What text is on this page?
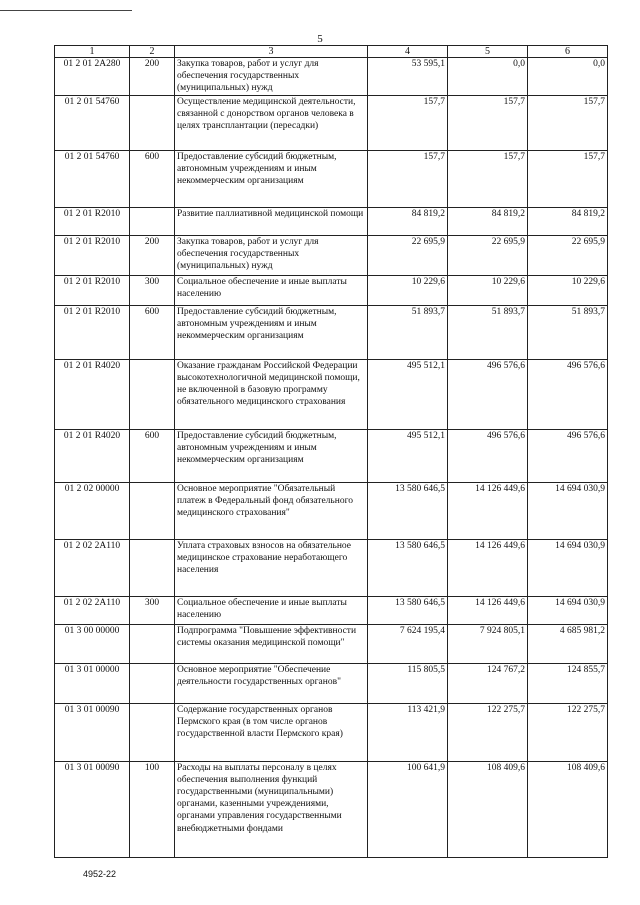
5
1	2	3	4	5	6
01 2 01 2А280	200	Закупка товаров, работ и услуг для обеспечения государственных (муниципальных) нужд	53 595,1	0,0	0,0
01 2 01 54760		Осуществление медицинской деятельности, связанной с донорством органов человека в целях трансплантации (пересадки)	157,7	157,7	157,7
01 2 01 54760	600	Предоставление субсидий бюджетным, автономным учреждениям и иным некоммерческим организациям	157,7	157,7	157,7
01 2 01 R2010		Развитие паллиативной медицинской помощи	84 819,2	84 819,2	84 819,2
01 2 01 R2010	200	Закупка товаров, работ и услуг для обеспечения государственных (муниципальных) нужд	22 695,9	22 695,9	22 695,9
01 2 01 R2010	300	Социальное обеспечение и иные выплаты населению	10 229,6	10 229,6	10 229,6
01 2 01 R2010	600	Предоставление субсидий бюджетным, автономным учреждениям и иным некоммерческим организациям	51 893,7	51 893,7	51 893,7
01 2 01 R4020		Оказание гражданам Российской Федерации высокотехнологичной медицинской помощи, не включенной в базовую программу обязательного медицинского страхования	495 512,1	496 576,6	496 576,6
01 2 01 R4020	600	Предоставление субсидий бюджетным, автономным учреждениям и иным некоммерческим организациям	495 512,1	496 576,6	496 576,6
01 2 02 00000		Основное мероприятие "Обязательный платеж в Федеральный фонд обязательного медицинского страхования"	13 580 646,5	14 126 449,6	14 694 030,9
01 2 02 2А110		Уплата страховых взносов на обязательное медицинское страхование неработающего населения	13 580 646,5	14 126 449,6	14 694 030,9
01 2 02 2А110	300	Социальное обеспечение и иные выплаты населению	13 580 646,5	14 126 449,6	14 694 030,9
01 3 00 00000		Подпрограмма "Повышение эффективности системы оказания медицинской помощи"	7 624 195,4	7 924 805,1	4 685 981,2
01 3 01 00000		Основное мероприятие "Обеспечение деятельности государственных органов"	115 805,5	124 767,2	124 855,7
01 3 01 00090		Содержание государственных органов Пермского края (в том числе органов государственной власти Пермского края)	113 421,9	122 275,7	122 275,7
01 3 01 00090	100	Расходы на выплаты персоналу в целях обеспечения выполнения функций государственными (муниципальными) органами, казенными учреждениями, органами управления государственными внебюджетными фондами	100 641,9	108 409,6	108 409,6
4952-22
